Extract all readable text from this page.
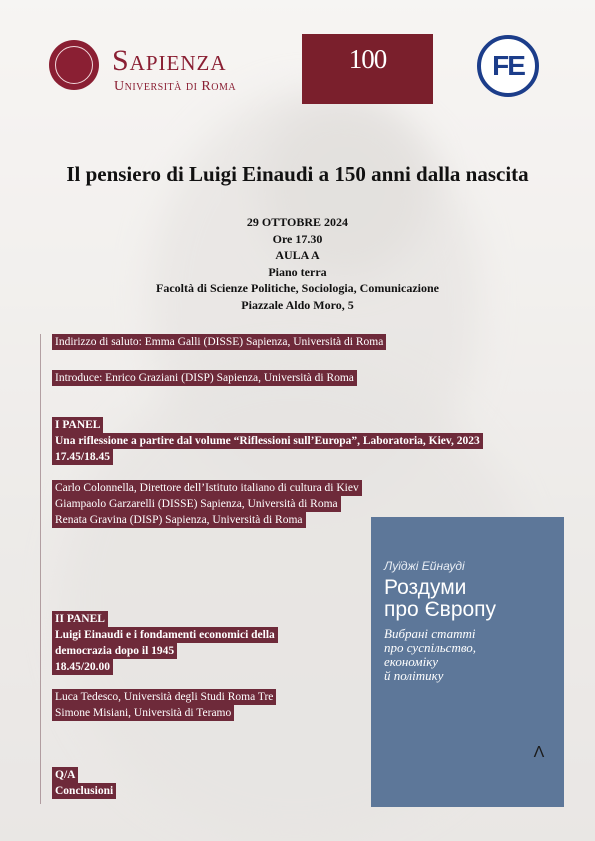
Sapienza
Università di Roma
100	FE
Il pensiero di Luigi Einaudi a 150 anni dalla nascita
29 OTTOBRE 2024
Ore 17.30
AULA A
Piano terra
Facoltà di Scienze Politiche, Sociologia, Comunicazione
Piazzale Aldo Moro, 5
Indirizzo di saluto: Emma Galli (DISSE) Sapienza, Università di Roma
Introduce: Enrico Graziani (DISP) Sapienza, Università di Roma
I PANEL
Una riflessione a partire dal volume “Riflessioni sull’Europa”, Laboratoria, Kiev, 2023
17.45/18.45
Carlo Colonnella, Direttore dell’Istituto italiano di cultura di Kiev
Giampaolo Garzarelli (DISSE) Sapienza, Università di Roma
Renata Gravina (DISP) Sapienza, Università di Roma
II PANEL
Luigi Einaudi e i fondamenti economici della
democrazia dopo il 1945
18.45/20.00
Luca Tedesco, Università degli Studi Roma Tre
Simone Misiani, Università di Teramo
Q/A
Conclusioni
Луїджі Ейнауді
Роздуми
про Європу
Вибрані статті
про суспільство,
економіку
й політику
Λ
